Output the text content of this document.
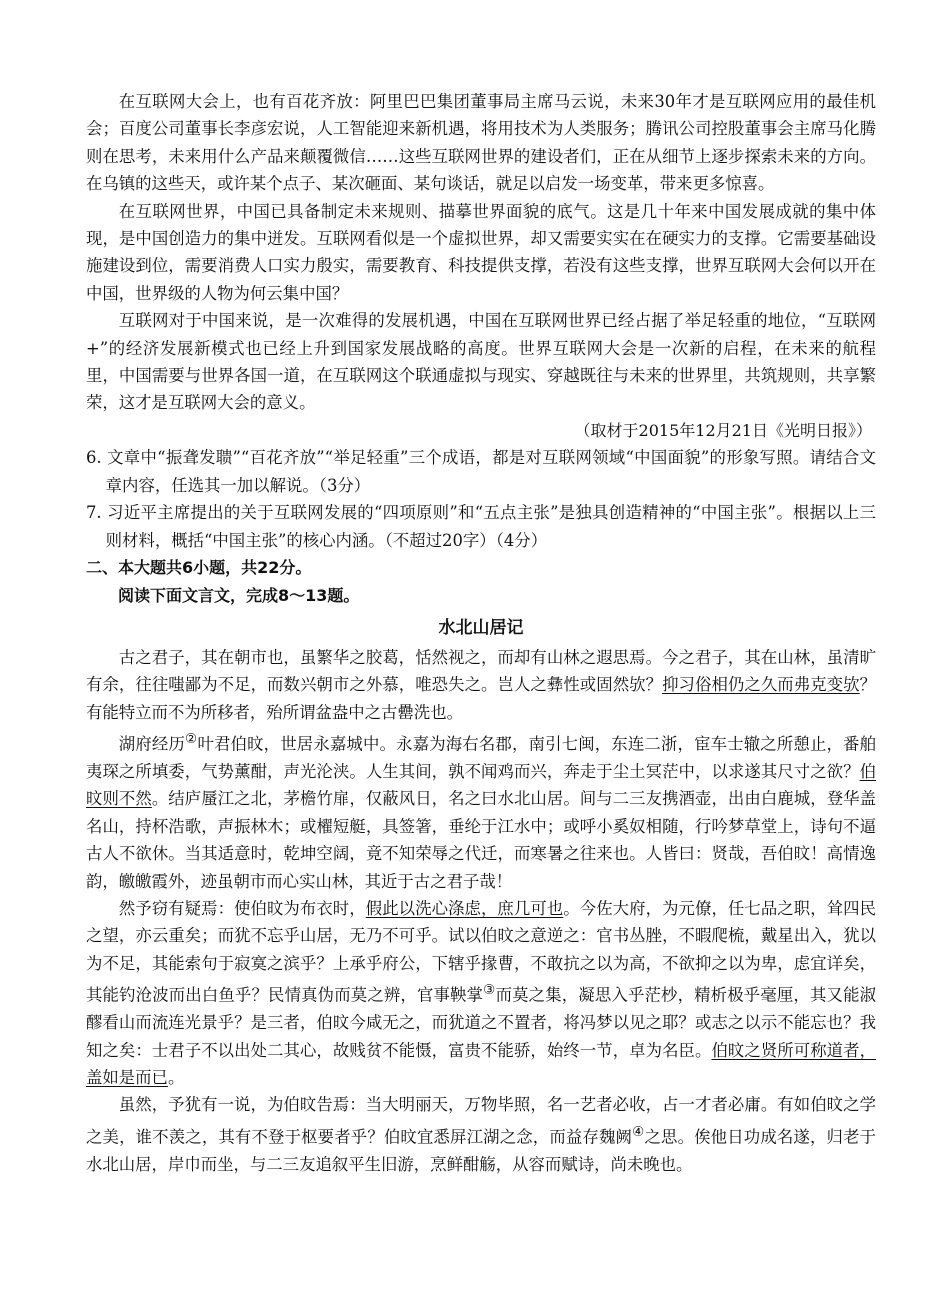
在互联网大会上，也有百花齐放：阿里巴巴集团董事局主席马云说，未来30年才是互联网应用的最佳机会；百度公司董事长李彦宏说，人工智能迎来新机遇，将用技术为人类服务；腾讯公司控股董事会主席马化腾则在思考，未来用什么产品来颠覆微信……这些互联网世界的建设者们，正在从细节上逐步探索未来的方向。在乌镇的这些天，或许某个点子、某次砸面、某句谈话，就足以启发一场变革，带来更多惊喜。

在互联网世界，中国已具备制定未来规则、描摹世界面貌的底气。这是几十年来中国发展成就的集中体现，是中国创造力的集中迸发。互联网看似是一个虚拟世界，却又需要实实在在硬实力的支撑。它需要基础设施建设到位，需要消费人口实力殷实，需要教育、科技提供支撑，若没有这些支撑，世界互联网大会何以开在中国，世界级的人物为何云集中国？

互联网对于中国来说，是一次难得的发展机遇，中国在互联网世界已经占据了举足轻重的地位，“互联网+”的经济发展新模式也已经上升到国家发展战略的高度。世界互联网大会是一次新的启程，在未来的航程里，中国需要与世界各国一道，在互联网这个联通虚拟与现实、穿越既往与未来的世界里，共筑规则，共享繁荣，这才是互联网大会的意义。

（取材于2015年12月21日《光明日报》）

6. 文章中“振聋发聩”“百花齐放”“举足轻重”三个成语，都是对互联网领域“中国面貌”的形象写照。请结合文章内容，任选其一加以解说。（3分）

7. 习近平主席提出的关于互联网发展的“四项原则”和“五点主张”是独具创造精神的“中国主张”。根据以上三则材料，概括“中国主张”的核心内涵。（不超过20字）（4分）

二、本大题共6小题，共22分。

阅读下面文言文，完成8～13题。

水北山居记

古之君子，其在朝市也，虽繁华之胶葛，恬然视之，而却有山林之遐思焉。今之君子，其在山林，虽清旷有余，往往嗤鄙为不足，而数兴朝市之外慕，唯恐失之。岂人之彝性或固然欤？抑习俗相仍之久而弗克变欤？有能特立而不为所移者，殆所谓盆盎中之古罍洗也。

湖府经历②叶君伯旼，世居永嘉城中。永嘉为海右名郡，南引七闽，东连二浙，宦车士辙之所憩止，番舶夷琛之所填委，气势薰酣，声光沦浃。人生其间，孰不闻鸡而兴，奔走于尘土冥茫中，以求遂其尺寸之欲？伯旼则不然。结庐蜃江之北，茅檐竹扉，仅蔽风日，名之曰水北山居。间与二三友携酒壶，出由白鹿城，登华盖名山，持杯浩歌，声振林木；或櫂短艇，具签箸，垂纶于江水中；或呼小奚奴相随，行吟梦草堂上，诗句不逼古人不欲休。当其适意时，乾坤空阔，竟不知荣辱之代迁，而寒暑之往来也。人皆曰：贤哉，吾伯旼！高情逸韵，皦皦霞外，迹虽朝市而心实山林，其近于古之君子哉！

然予窃有疑焉：使伯旼为布衣时，假此以洗心涤虑，庶几可也。今佐大府，为元僚，任七品之职，耸四民之望，亦云重矣；而犹不忘乎山居，无乃不可乎。试以伯旼之意逆之：官书丛脞，不暇爬梳，戴星出入，犹以为不足，其能索句于寂寞之滨乎？上承乎府公，下辖乎掾曹，不敢抗之以为高，不欲抑之以为卑，虑宜详矣，其能钓沧波而出白鱼乎？民情真伪而莫之辨，官事鞅掌③而莫之集，凝思入乎茫杪，精析极乎毫厘，其又能淑醪看山而流连光景乎？是三者，伯旼今咸无之，而犹道之不置者，将冯梦以见之耶？或志之以示不能忘也？我知之矣：士君子不以出处二其心，故贱贫不能慑，富贵不能骄，始终一节，卓为名臣。伯旼之贤所可称道者，盖如是而已。

虽然，予犹有一说，为伯旼告焉：当大明丽天，万物毕照，名一艺者必收，占一才者必庸。有如伯旼之学之美，谁不羡之，其有不登于枢要者乎？伯旼宜悉屏江湖之念，而益存魏阙④之思。俟他日功成名遂，归老于水北山居，岸巾而坐，与二三友追叙平生旧游，烹鲜酣觞，从容而赋诗，尚未晚也。
